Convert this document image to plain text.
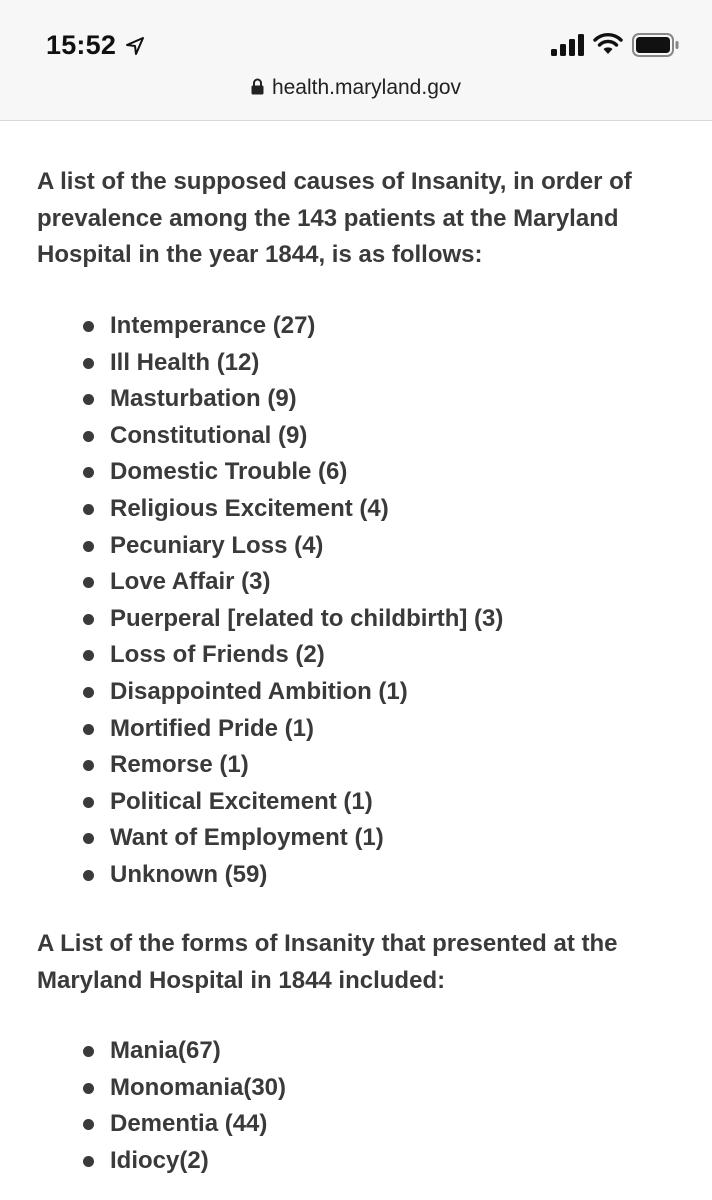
15:52
health.maryland.gov

A list of the supposed causes of Insanity, in order of prevalence among the 143 patients at the Maryland Hospital in the year 1844, is as follows:

Intemperance (27)
Ill Health (12)
Masturbation (9)
Constitutional (9)
Domestic Trouble (6)
Religious Excitement (4)
Pecuniary Loss (4)
Love Affair (3)
Puerperal [related to childbirth] (3)
Loss of Friends (2)
Disappointed Ambition (1)
Mortified Pride (1)
Remorse (1)
Political Excitement (1)
Want of Employment (1)
Unknown (59)

A List of the forms of Insanity that presented at the Maryland Hospital in 1844 included:

Mania(67)
Monomania(30)
Dementia (44)
Idiocy(2)
